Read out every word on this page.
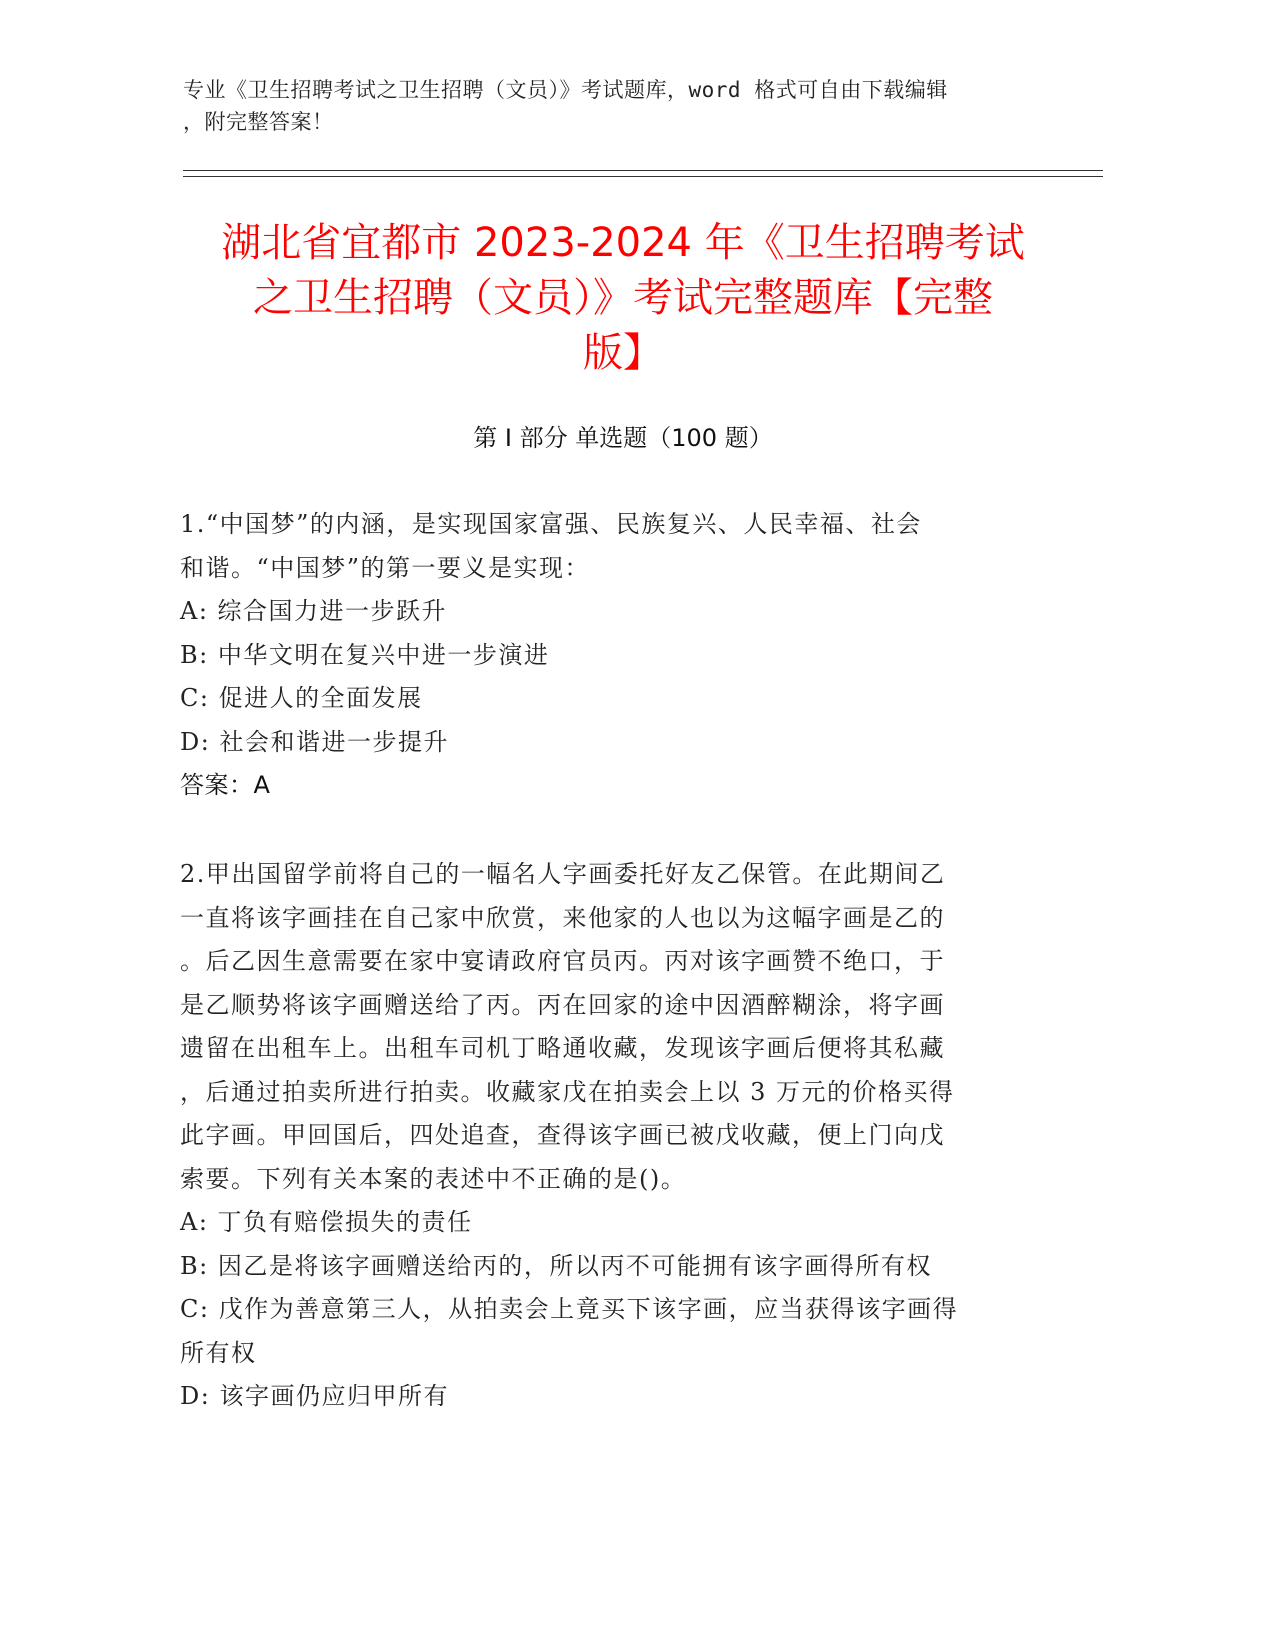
专业《卫生招聘考试之卫生招聘（文员）》考试题库，word 格式可自由下载编辑
，附完整答案！
湖北省宜都市 2023-2024 年《卫生招聘考试
之卫生招聘（文员）》考试完整题库【完整
版】
第 I 部分 单选题（100 题）
1.“中国梦”的内涵，是实现国家富强、民族复兴、人民幸福、社会
和谐。“中国梦”的第一要义是实现：
A: 综合国力进一步跃升
B: 中华文明在复兴中进一步演进
C: 促进人的全面发展
D: 社会和谐进一步提升
答案：A
2.甲出国留学前将自己的一幅名人字画委托好友乙保管。在此期间乙
一直将该字画挂在自己家中欣赏，来他家的人也以为这幅字画是乙的
。后乙因生意需要在家中宴请政府官员丙。丙对该字画赞不绝口，于
是乙顺势将该字画赠送给了丙。丙在回家的途中因酒醉糊涂，将字画
遗留在出租车上。出租车司机丁略通收藏，发现该字画后便将其私藏
，后通过拍卖所进行拍卖。收藏家戊在拍卖会上以 3 万元的价格买得
此字画。甲回国后，四处追查，查得该字画已被戊收藏，便上门向戊
索要。下列有关本案的表述中不正确的是()。
A: 丁负有赔偿损失的责任
B: 因乙是将该字画赠送给丙的，所以丙不可能拥有该字画得所有权
C: 戊作为善意第三人，从拍卖会上竟买下该字画，应当获得该字画得
所有权
D: 该字画仍应归甲所有
